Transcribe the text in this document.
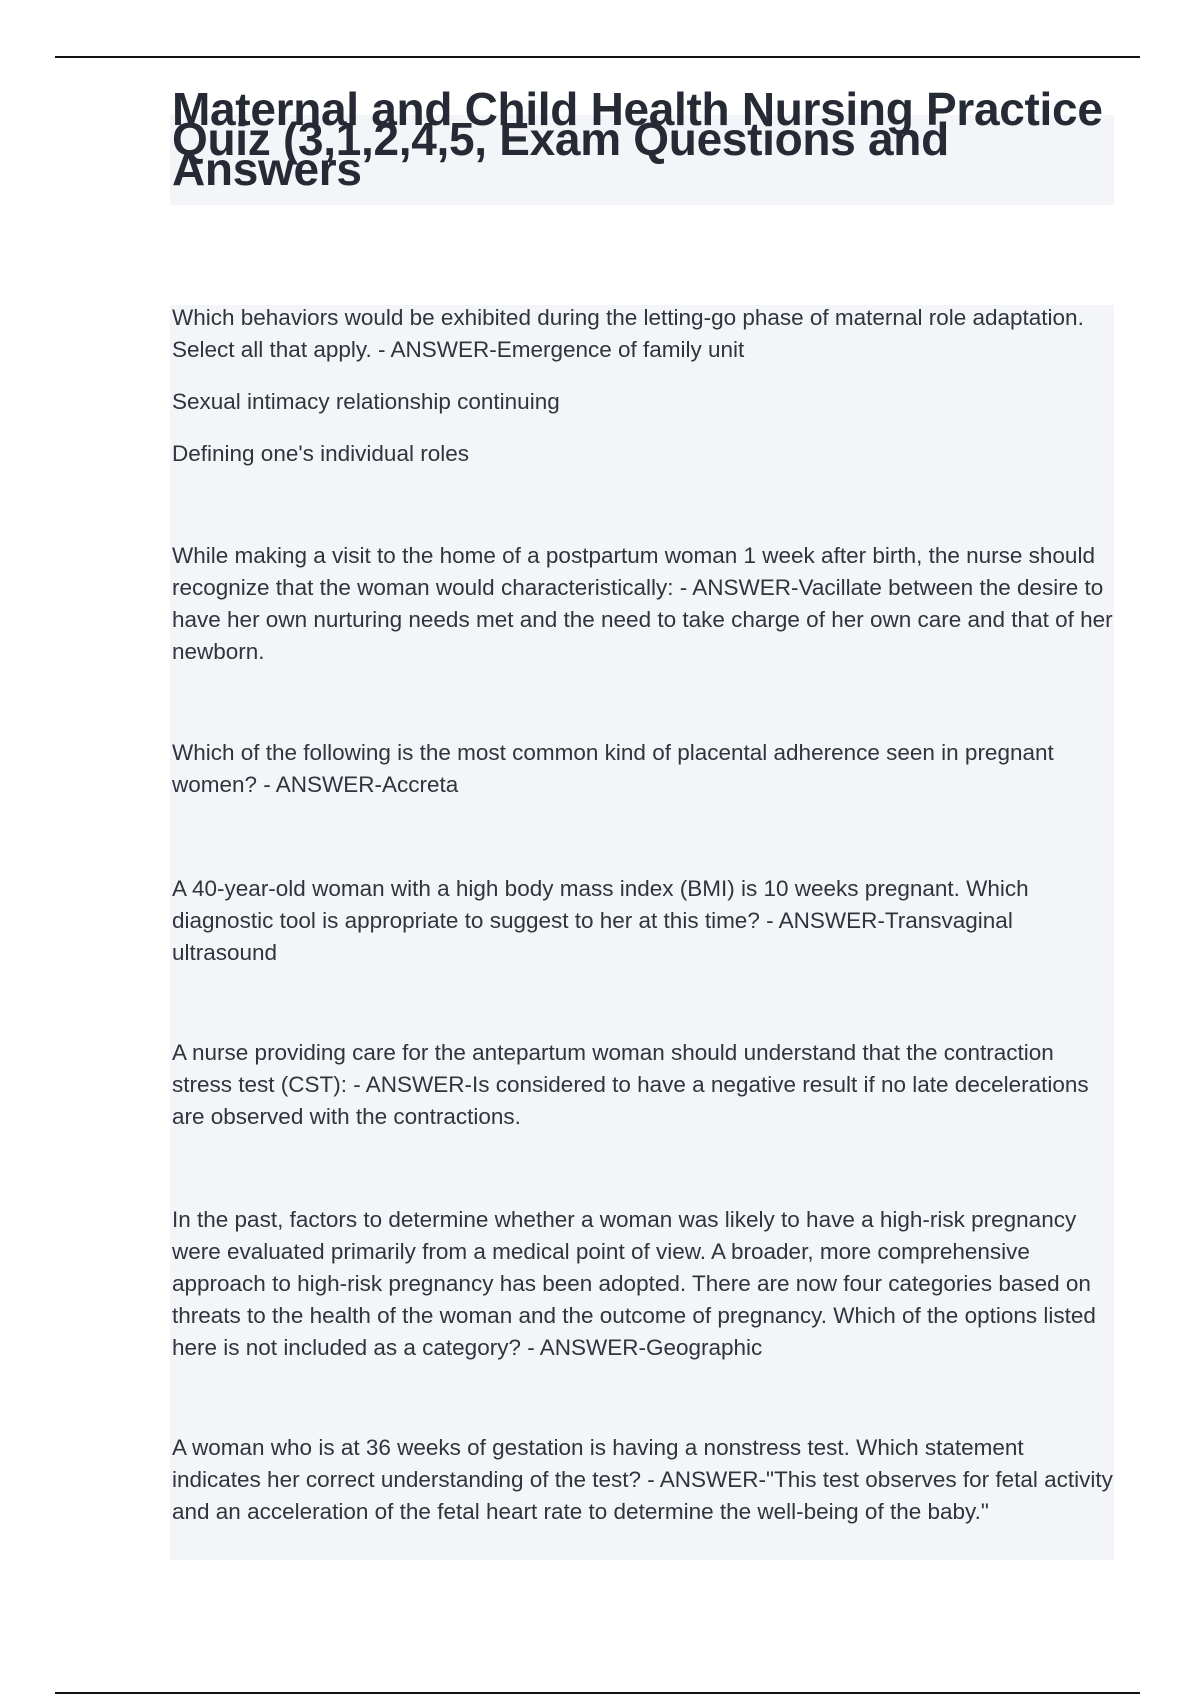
Maternal and Child Health Nursing Practice Quiz (3,1,2,4,5, Exam Questions and Answers

Which behaviors would be exhibited during the letting-go phase of maternal role adaptation. Select all that apply. - ANSWER-Emergence of family unit

Sexual intimacy relationship continuing

Defining one's individual roles

While making a visit to the home of a postpartum woman 1 week after birth, the nurse should recognize that the woman would characteristically: - ANSWER-Vacillate between the desire to have her own nurturing needs met and the need to take charge of her own care and that of her newborn.

Which of the following is the most common kind of placental adherence seen in pregnant women? - ANSWER-Accreta

A 40-year-old woman with a high body mass index (BMI) is 10 weeks pregnant. Which diagnostic tool is appropriate to suggest to her at this time? - ANSWER-Transvaginal ultrasound

A nurse providing care for the antepartum woman should understand that the contraction stress test (CST): - ANSWER-Is considered to have a negative result if no late decelerations are observed with the contractions.

In the past, factors to determine whether a woman was likely to have a high-risk pregnancy were evaluated primarily from a medical point of view. A broader, more comprehensive approach to high-risk pregnancy has been adopted. There are now four categories based on threats to the health of the woman and the outcome of pregnancy. Which of the options listed here is not included as a category? - ANSWER-Geographic

A woman who is at 36 weeks of gestation is having a nonstress test. Which statement indicates her correct understanding of the test? - ANSWER-"This test observes for fetal activity and an acceleration of the fetal heart rate to determine the well-being of the baby."
